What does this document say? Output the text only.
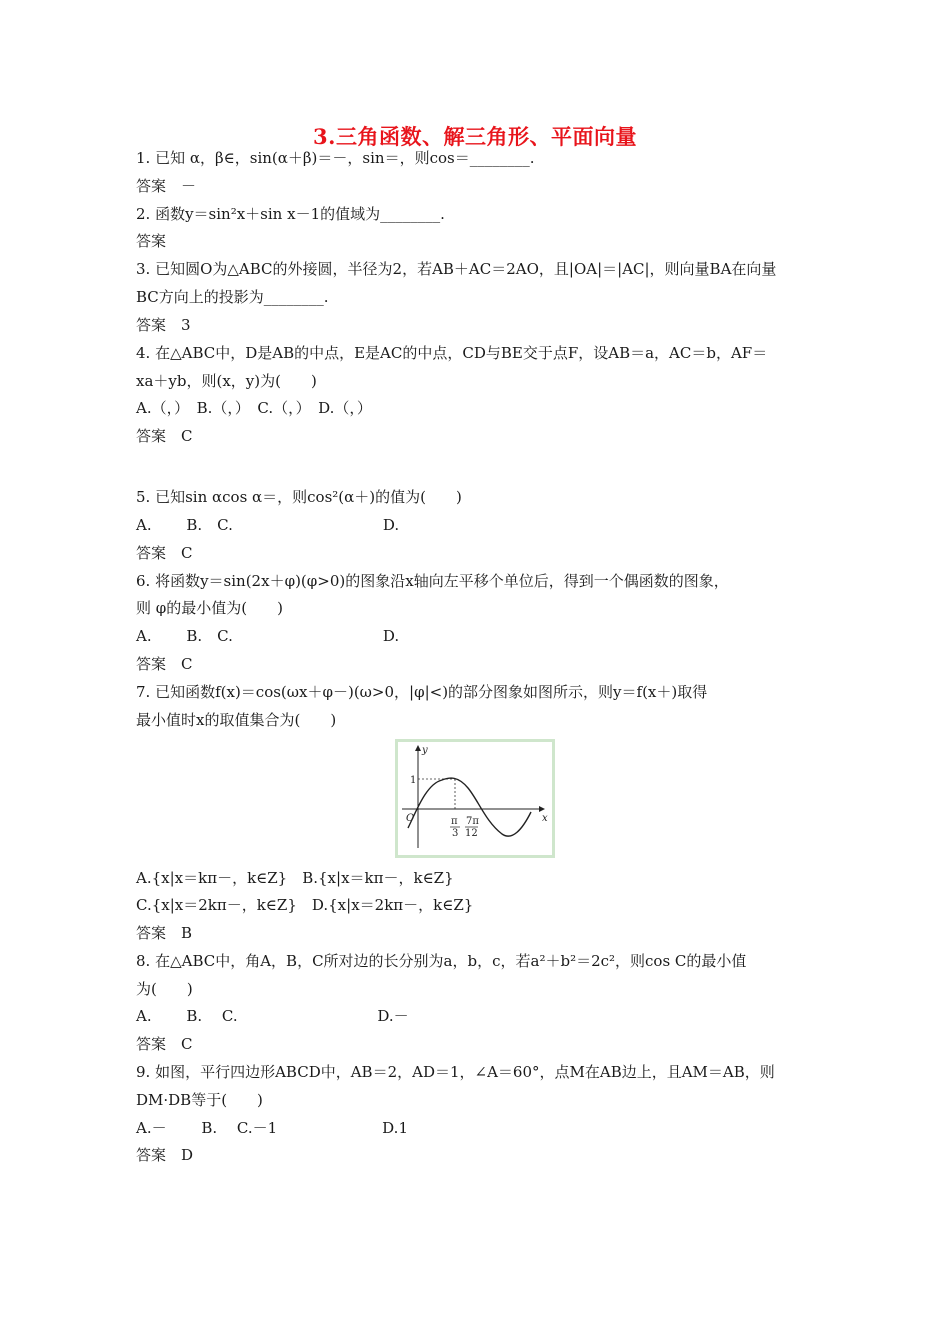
3.三角函数、解三角形、平面向量
1. 已知 α，β∈，sin(α＋β)＝－，sin＝，则cos＝________.
答案　－
2. 函数y＝sin²x＋sin x－1的值域为________.
答案
3. 已知圆O为△ABC的外接圆，半径为2，若AB＋AC＝2AO，且|OA|＝|AC|，则向量BA在向量
BC方向上的投影为________.
答案　3
4. 在△ABC中，D是AB的中点，E是AC的中点，CD与BE交于点F，设AB＝a，AC＝b，AF＝
xa＋yb，则(x，y)为(　　)
A.（，）　B.（，）　C.（，）　D.（，）
答案　C
5. 已知sin αcos α＝，则cos²(α＋)的值为(　　)
A.　　 B.　C.　　　　　　　　　　D.
答案　C
6. 将函数y＝sin(2x＋φ)(φ>0)的图象沿x轴向左平移个单位后，得到一个偶函数的图象，
则 φ的最小值为(　　)
A.　　 B.　C.　　　　　　　　　　D.
答案　C
7. 已知函数f(x)＝cos(ωx＋φ－)(ω>0，|φ|<)的部分图象如图所示，则y＝f(x＋)取得
最小值时x的取值集合为(　　)
y
x
O
1
π
3
7π
12
A.{x|x＝kπ－，k∈Z}　B.{x|x＝kπ－，k∈Z}
C.{x|x＝2kπ－，k∈Z}　D.{x|x＝2kπ－，k∈Z}
答案　B
8. 在△ABC中，角A，B，C所对边的长分别为a，b，c，若a²＋b²＝2c²，则cos C的最小值
为(　　)
A.　　 B.　 C.　　　　　　　　　 D.－
答案　C
9. 如图，平行四边形ABCD中，AB＝2，AD＝1，∠A＝60°，点M在AB边上，且AM＝AB，则
DM·DB等于(　　)
A.－　　 B.　 C.－1　　　　　　　D.1
答案　D
